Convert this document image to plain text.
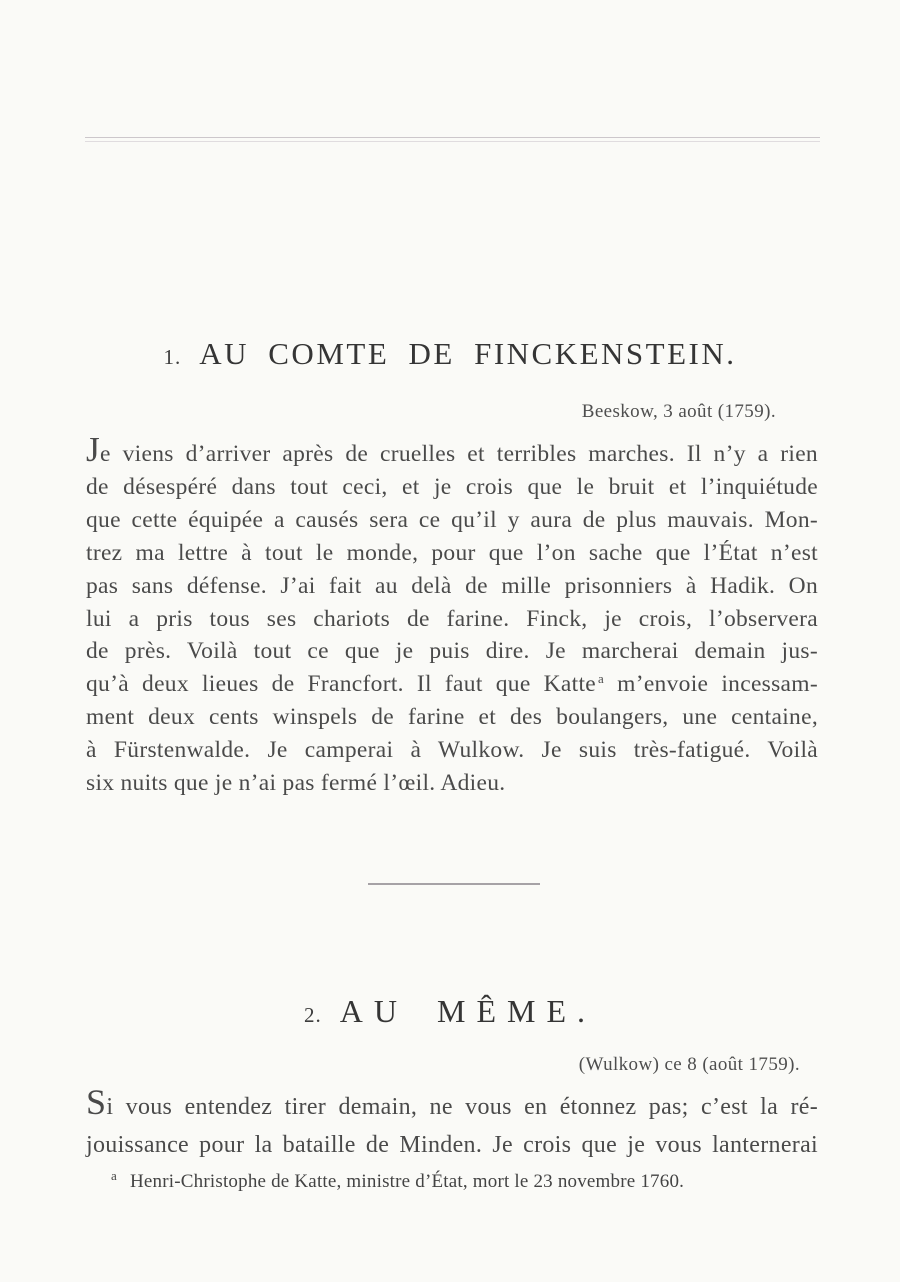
1. AU COMTE DE FINCKENSTEIN.
Beeskow, 3 août (1759).
Je viens d’arriver après de cruelles et terribles marches. Il n’y a rien
de désespéré dans tout ceci, et je crois que le bruit et l’inquiétude
que cette équipée a causés sera ce qu’il y aura de plus mauvais. Mon-
trez ma lettre à tout le monde, pour que l’on sache que l’État n’est
pas sans défense. J’ai fait au delà de mille prisonniers à Hadik. On
lui a pris tous ses chariots de farine. Finck, je crois, l’observera
de près. Voilà tout ce que je puis dire. Je marcherai demain jus-
qu’à deux lieues de Francfort. Il faut que Katte $^a$ m’envoie incessam-
ment deux cents winspels de farine et des boulangers, une centaine,
à Fürstenwalde. Je camperai à Wulkow. Je suis très-fatigué. Voilà
six nuits que je n’ai pas fermé l’œil. Adieu.
2. AU MÊME.
(Wulkow) ce 8 (août 1759).
Si vous entendez tirer demain, ne vous en étonnez pas; c’est la ré-
jouissance pour la bataille de Minden. Je crois que je vous lanternerai
$^a$ Henri-Christophe de Katte, ministre d’État, mort le 23 novembre 1760.
